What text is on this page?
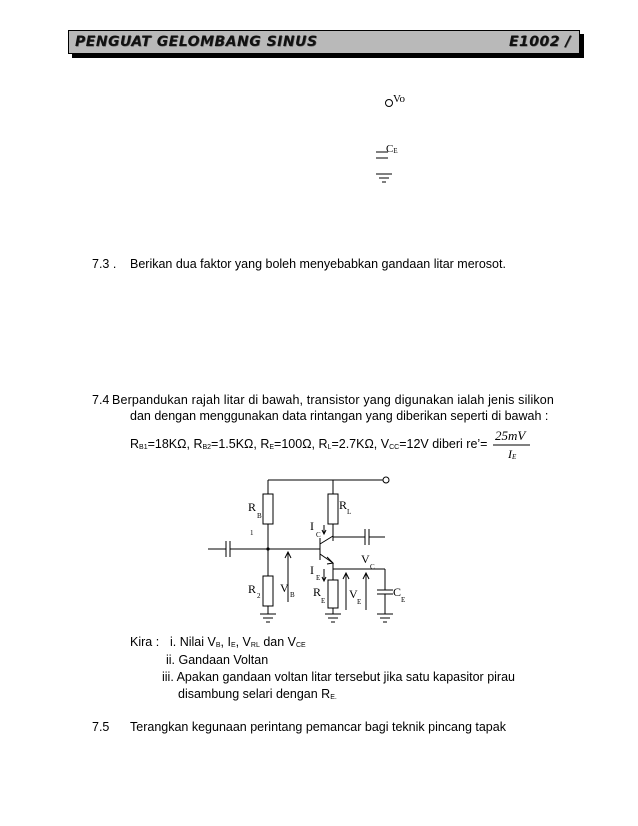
PENGUAT GELOMBANG SINUS	E1002 /
Vo
CE
7.3 . Berikan dua faktor yang boleh menyebabkan gandaan litar merosot.
7.4 Berpandukan rajah litar di bawah, transistor yang digunakan ialah jenis silikon
dan dengan menggunakan data rintangan yang diberikan seperti di bawah :
RB1=18KΩ, RB2=1.5KΩ, RE=100Ω, RL=2.7KΩ, VCC=12V diberi re’=
25mV
IE
R
B
1
R 2
R L
I
C
I
E
V B
V
C
R
E V
E
C
E
Kira : i. Nilai VB, IE, VRL dan VCE
ii. Gandaan Voltan
iii. Apakan gandaan voltan litar tersebut jika satu kapasitor pirau
disambung selari dengan RE.
7.5 Terangkan kegunaan perintang pemancar bagi teknik pincang tapak
